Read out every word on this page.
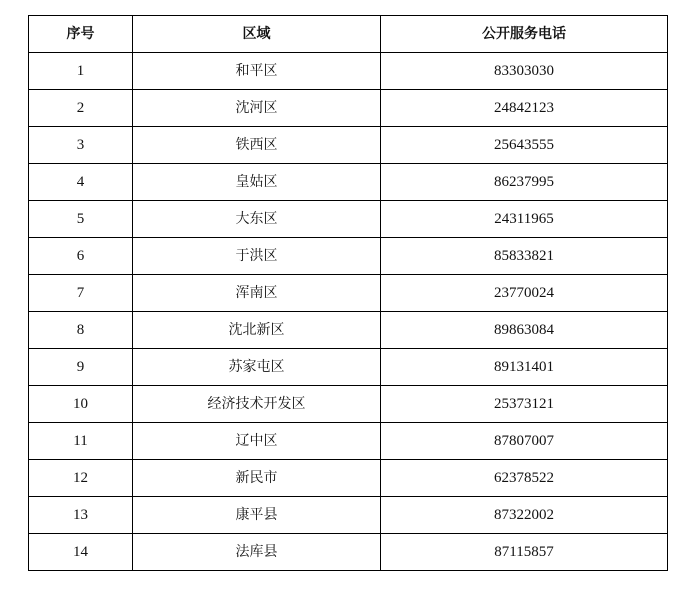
序号	区域	公开服务电话
1	和平区	83303030
2	沈河区	24842123
3	铁西区	25643555
4	皇姑区	86237995
5	大东区	24311965
6	于洪区	85833821
7	浑南区	23770024
8	沈北新区	89863084
9	苏家屯区	89131401
10	经济技术开发区	25373121
11	辽中区	87807007
12	新民市	62378522
13	康平县	87322002
14	法库县	87115857
